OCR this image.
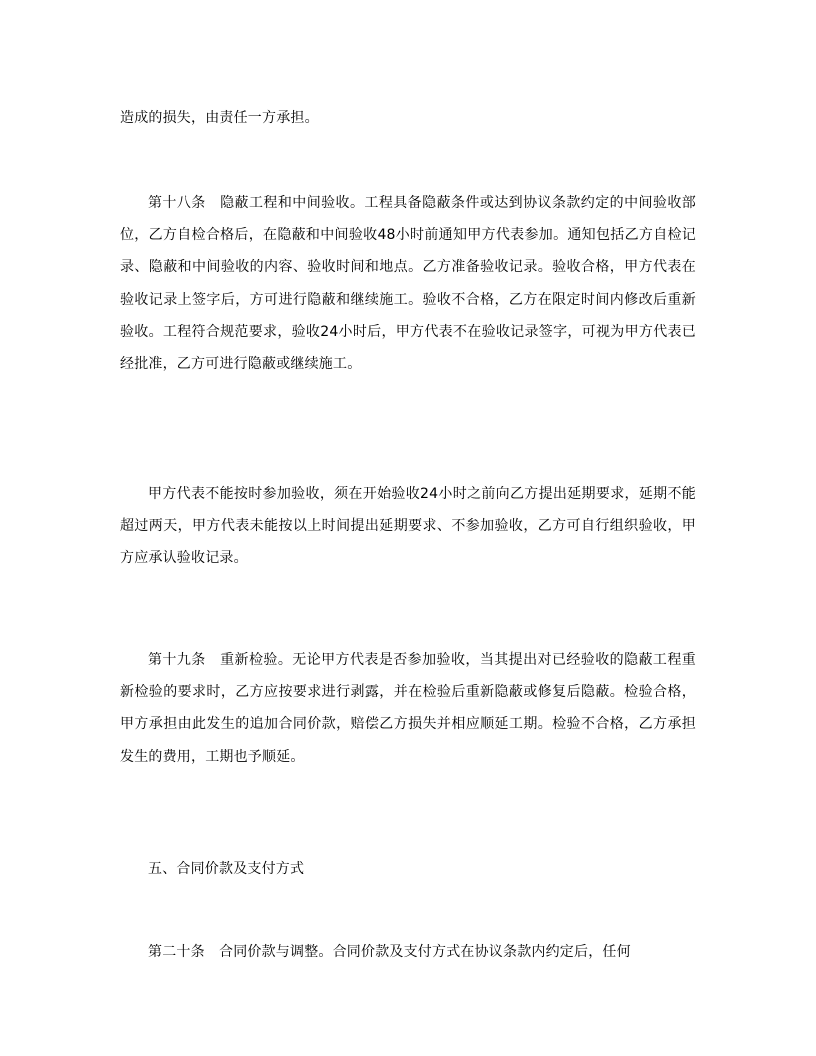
造成的损失，由责任一方承担。

第十八条　隐蔽工程和中间验收。工程具备隐蔽条件或达到协议条款约定的中间验收部位，乙方自检合格后，在隐蔽和中间验收48小时前通知甲方代表参加。通知包括乙方自检记录、隐蔽和中间验收的内容、验收时间和地点。乙方准备验收记录。验收合格，甲方代表在验收记录上签字后，方可进行隐蔽和继续施工。验收不合格，乙方在限定时间内修改后重新验收。工程符合规范要求，验收24小时后，甲方代表不在验收记录签字，可视为甲方代表已经批准，乙方可进行隐蔽或继续施工。

甲方代表不能按时参加验收，须在开始验收24小时之前向乙方提出延期要求，延期不能超过两天，甲方代表未能按以上时间提出延期要求、不参加验收，乙方可自行组织验收，甲方应承认验收记录。

第十九条　重新检验。无论甲方代表是否参加验收，当其提出对已经验收的隐蔽工程重新检验的要求时，乙方应按要求进行剥露，并在检验后重新隐蔽或修复后隐蔽。检验合格，甲方承担由此发生的追加合同价款，赔偿乙方损失并相应顺延工期。检验不合格，乙方承担发生的费用，工期也予顺延。

五、合同价款及支付方式

第二十条　合同价款与调整。合同价款及支付方式在协议条款内约定后，任何
